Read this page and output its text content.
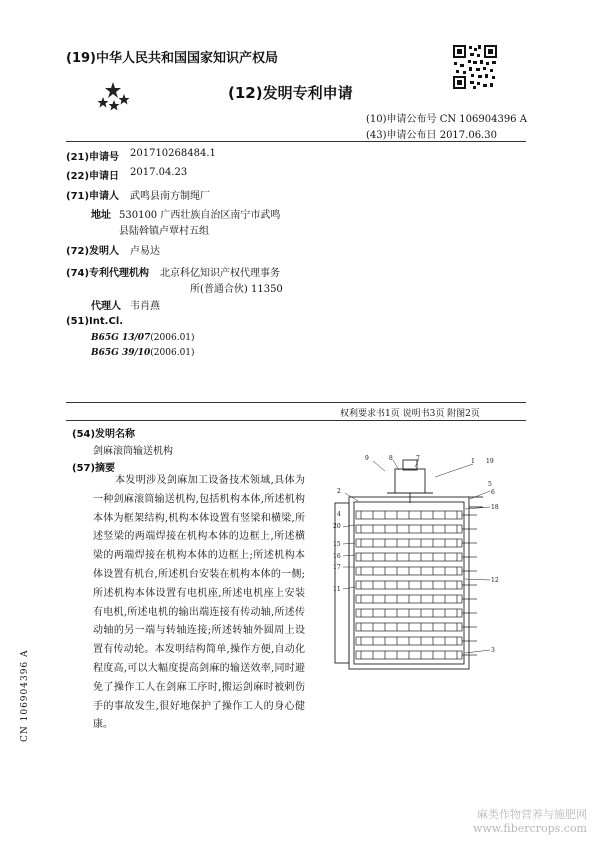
(19)中华人民共和国国家知识产权局
(12)发明专利申请
(10)申请公布号 CN 106904396 A
(43)申请公布日 2017.06.30
(21)申请号 201710268484.1
(22)申请日 2017.04.23
(71)申请人 武鸣县南方制绳厂
地址 530100 广西壮族自治区南宁市武鸣
县陆斡镇卢覃村五组
(72)发明人 卢易达
(74)专利代理机构 北京科亿知识产权代理事务
所(普通合伙) 11350
代理人 韦肖燕
(51)Int.Cl.
B65G 13/07(2006.01)
B65G 39/10(2006.01)
权利要求书1页 说明书3页 附图2页
(54)发明名称
剑麻滚筒输送机构
(57)摘要

本发明涉及剑麻加工设备技术领域,具体为一种剑麻滚筒输送机构,包括机构本体,所述机构本体为框架结构,机构本体设置有竖梁和横梁,所述竖梁的两端焊接在机构本体的边框上,所述横梁的两端焊接在机构本体的边框上;所述机构本体设置有机台,所述机台安装在机构本体的一侧;所述机构本体设置有电机座,所述电机座上安装有电机,所述电机的输出端连接有传动轴,所述传动轴的另一端与转轴连接;所述转轴外圆周上设置有传动轮。本发明结构简单,操作方便,自动化程度高,可以大幅度提高剑麻的输送效率,同时避免了操作工人在剑麻工序时,搬运剑麻时被剌伤手的事故发生,很好地保护了操作工人的身心健康。

9	8	7	1 19
5
2	6
4
18
20
15
16
17
11
12
3
CN 106904396 A
麻类作物营养与施肥网
www.fibercrops.com
